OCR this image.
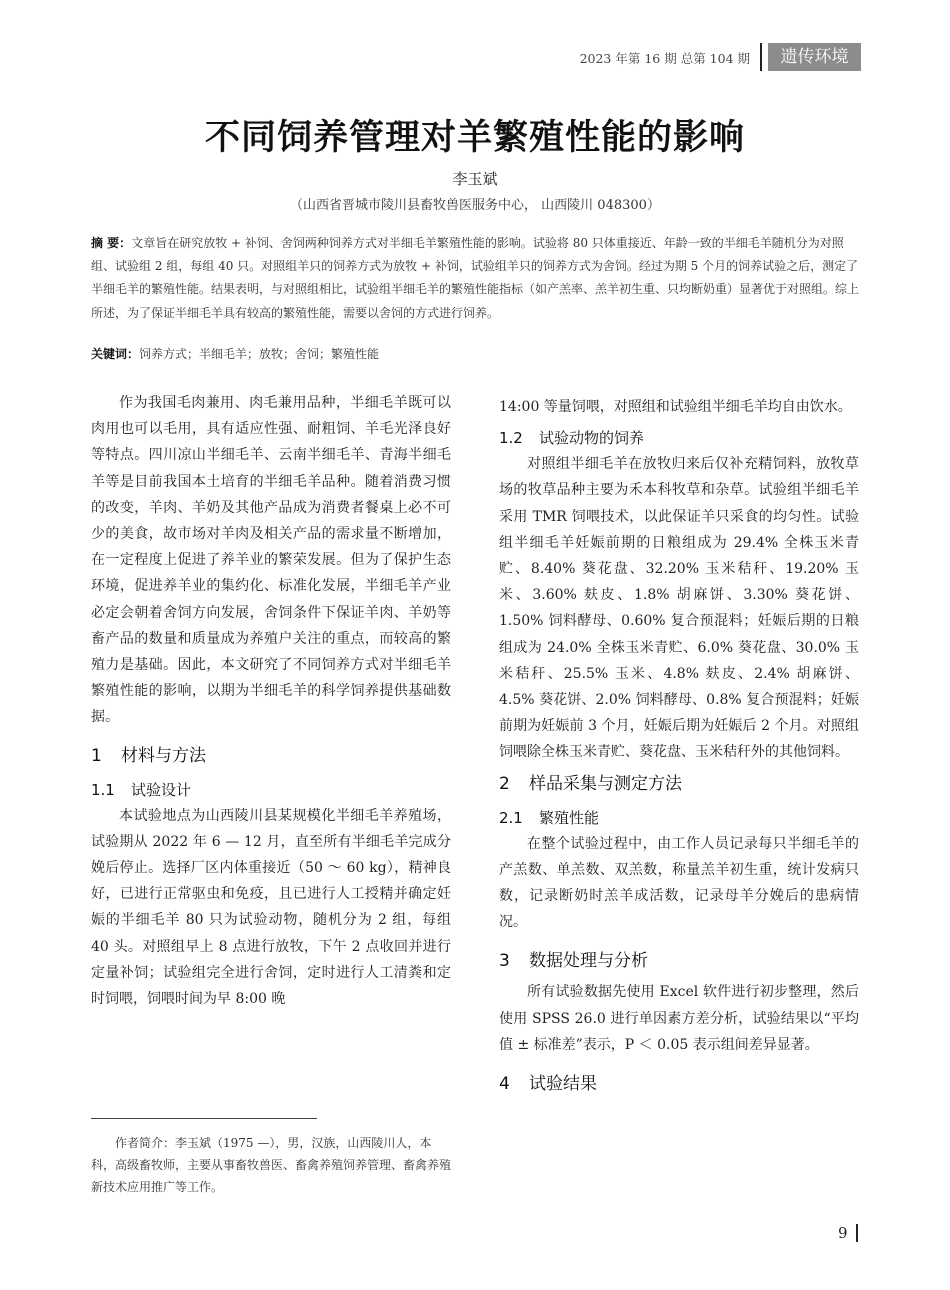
2023 年第 16 期 总第 104 期	遗传环境
不同饲养管理对羊繁殖性能的影响
李玉斌
（山西省晋城市陵川县畜牧兽医服务中心， 山西陵川 048300）
摘 要：文章旨在研究放牧 + 补饲、舍饲两种饲养方式对半细毛羊繁殖性能的影响。试验将 80 只体重接近、年龄一致的半细毛羊随机分为对照组、试验组 2 组，每组 40 只。对照组羊只的饲养方式为放牧 + 补饲，试验组羊只的饲养方式为舍饲。经过为期 5 个月的饲养试验之后，测定了半细毛羊的繁殖性能。结果表明，与对照组相比，试验组半细毛羊的繁殖性能指标（如产羔率、羔羊初生重、只均断奶重）显著优于对照组。综上所述，为了保证半细毛羊具有较高的繁殖性能，需要以舍饲的方式进行饲养。
关键词：饲养方式；半细毛羊；放牧；舍饲；繁殖性能

作为我国毛肉兼用、肉毛兼用品种，半细毛羊既可以肉用也可以毛用，具有适应性强、耐粗饲、羊毛光泽良好等特点。四川凉山半细毛羊、云南半细毛羊、青海半细毛羊等是目前我国本土培育的半细毛羊品种。随着消费习惯的改变，羊肉、羊奶及其他产品成为消费者餐桌上必不可少的美食，故市场对羊肉及相关产品的需求量不断增加，在一定程度上促进了养羊业的繁荣发展。但为了保护生态环境，促进养羊业的集约化、标准化发展，半细毛羊产业必定会朝着舍饲方向发展，舍饲条件下保证羊肉、羊奶等畜产品的数量和质量成为养殖户关注的重点，而较高的繁殖力是基础。因此，本文研究了不同饲养方式对半细毛羊繁殖性能的影响，以期为半细毛羊的科学饲养提供基础数据。

1 材料与方法
1.1 试验设计

本试验地点为山西陵川县某规模化半细毛羊养殖场，试验期从 2022 年 6 — 12 月，直至所有半细毛羊完成分娩后停止。选择厂区内体重接近（50 ～ 60 kg），精神良好，已进行正常驱虫和免疫，且已进行人工授精并确定妊娠的半细毛羊 80 只为试验动物，随机分为 2 组，每组 40 头。对照组早上 8 点进行放牧，下午 2 点收回并进行定量补饲；试验组完全进行舍饲，定时进行人工清粪和定时饲喂，饲喂时间为早 8:00 晚

14:00 等量饲喂，对照组和试验组半细毛羊均自由饮水。

1.2 试验动物的饲养

对照组半细毛羊在放牧归来后仅补充精饲料，放牧草场的牧草品种主要为禾本科牧草和杂草。试验组半细毛羊采用 TMR 饲喂技术，以此保证羊只采食的均匀性。试验组半细毛羊妊娠前期的日粮组成为 29.4% 全株玉米青贮、8.40% 葵花盘、32.20% 玉米秸秆、19.20% 玉米、3.60% 麸皮、1.8% 胡麻饼、3.30% 葵花饼、1.50% 饲料酵母、0.60% 复合预混料；妊娠后期的日粮组成为 24.0% 全株玉米青贮、6.0% 葵花盘、30.0% 玉米秸秆、25.5% 玉米、4.8% 麸皮、2.4% 胡麻饼、4.5% 葵花饼、2.0% 饲料酵母、0.8% 复合预混料；妊娠前期为妊娠前 3 个月，妊娠后期为妊娠后 2 个月。对照组饲喂除全株玉米青贮、葵花盘、玉米秸秆外的其他饲料。

2 样品采集与测定方法
2.1 繁殖性能

在整个试验过程中，由工作人员记录每只半细毛羊的产羔数、单羔数、双羔数，称量羔羊初生重，统计发病只数，记录断奶时羔羊成活数，记录母羊分娩后的患病情况。

3 数据处理与分析

所有试验数据先使用 Excel 软件进行初步整理，然后使用 SPSS 26.0 进行单因素方差分析，试验结果以“平均值 ± 标准差”表示，P ＜ 0.05 表示组间差异显著。

4 试验结果
作者简介：李玉斌（1975 —），男，汉族，山西陵川人，本科，高级畜牧师，主要从事畜牧兽医、畜禽养殖饲养管理、畜禽养殖新技术应用推广等工作。
9
